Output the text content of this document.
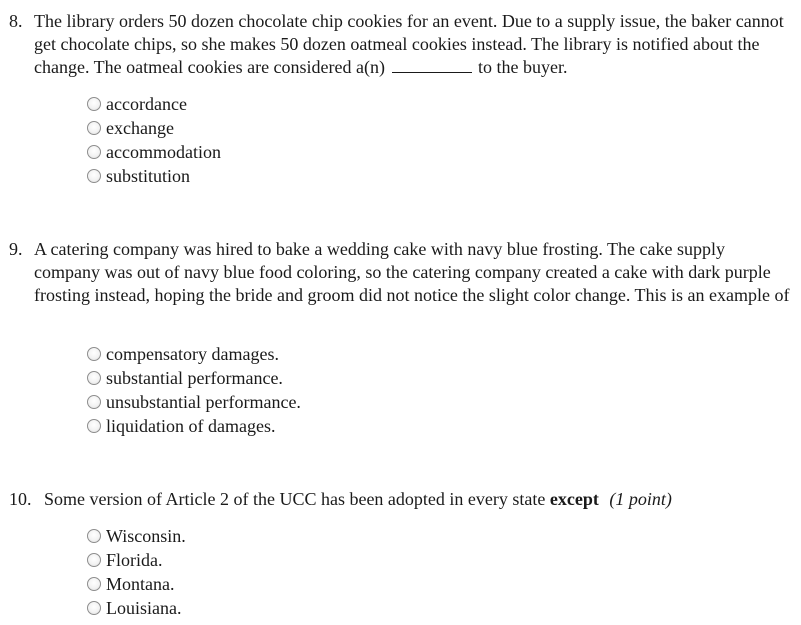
8. The library orders 50 dozen chocolate chip cookies for an event. Due to a supply issue, the baker cannot get chocolate chips, so she makes 50 dozen oatmeal cookies instead. The library is notified about the change. The oatmeal cookies are considered a(n)	to the buyer.
accordance
exchange
accommodation
substitution
9. A catering company was hired to bake a wedding cake with navy blue frosting. The cake supply company was out of navy blue food coloring, so the catering company created a cake with dark purple frosting instead, hoping the bride and groom did not notice the slight color change. This is an example of
compensatory damages.
substantial performance.
unsubstantial performance.
liquidation of damages.
10. Some version of Article 2 of the UCC has been adopted in every state except (1 point)
Wisconsin.
Florida.
Montana.
Louisiana.
